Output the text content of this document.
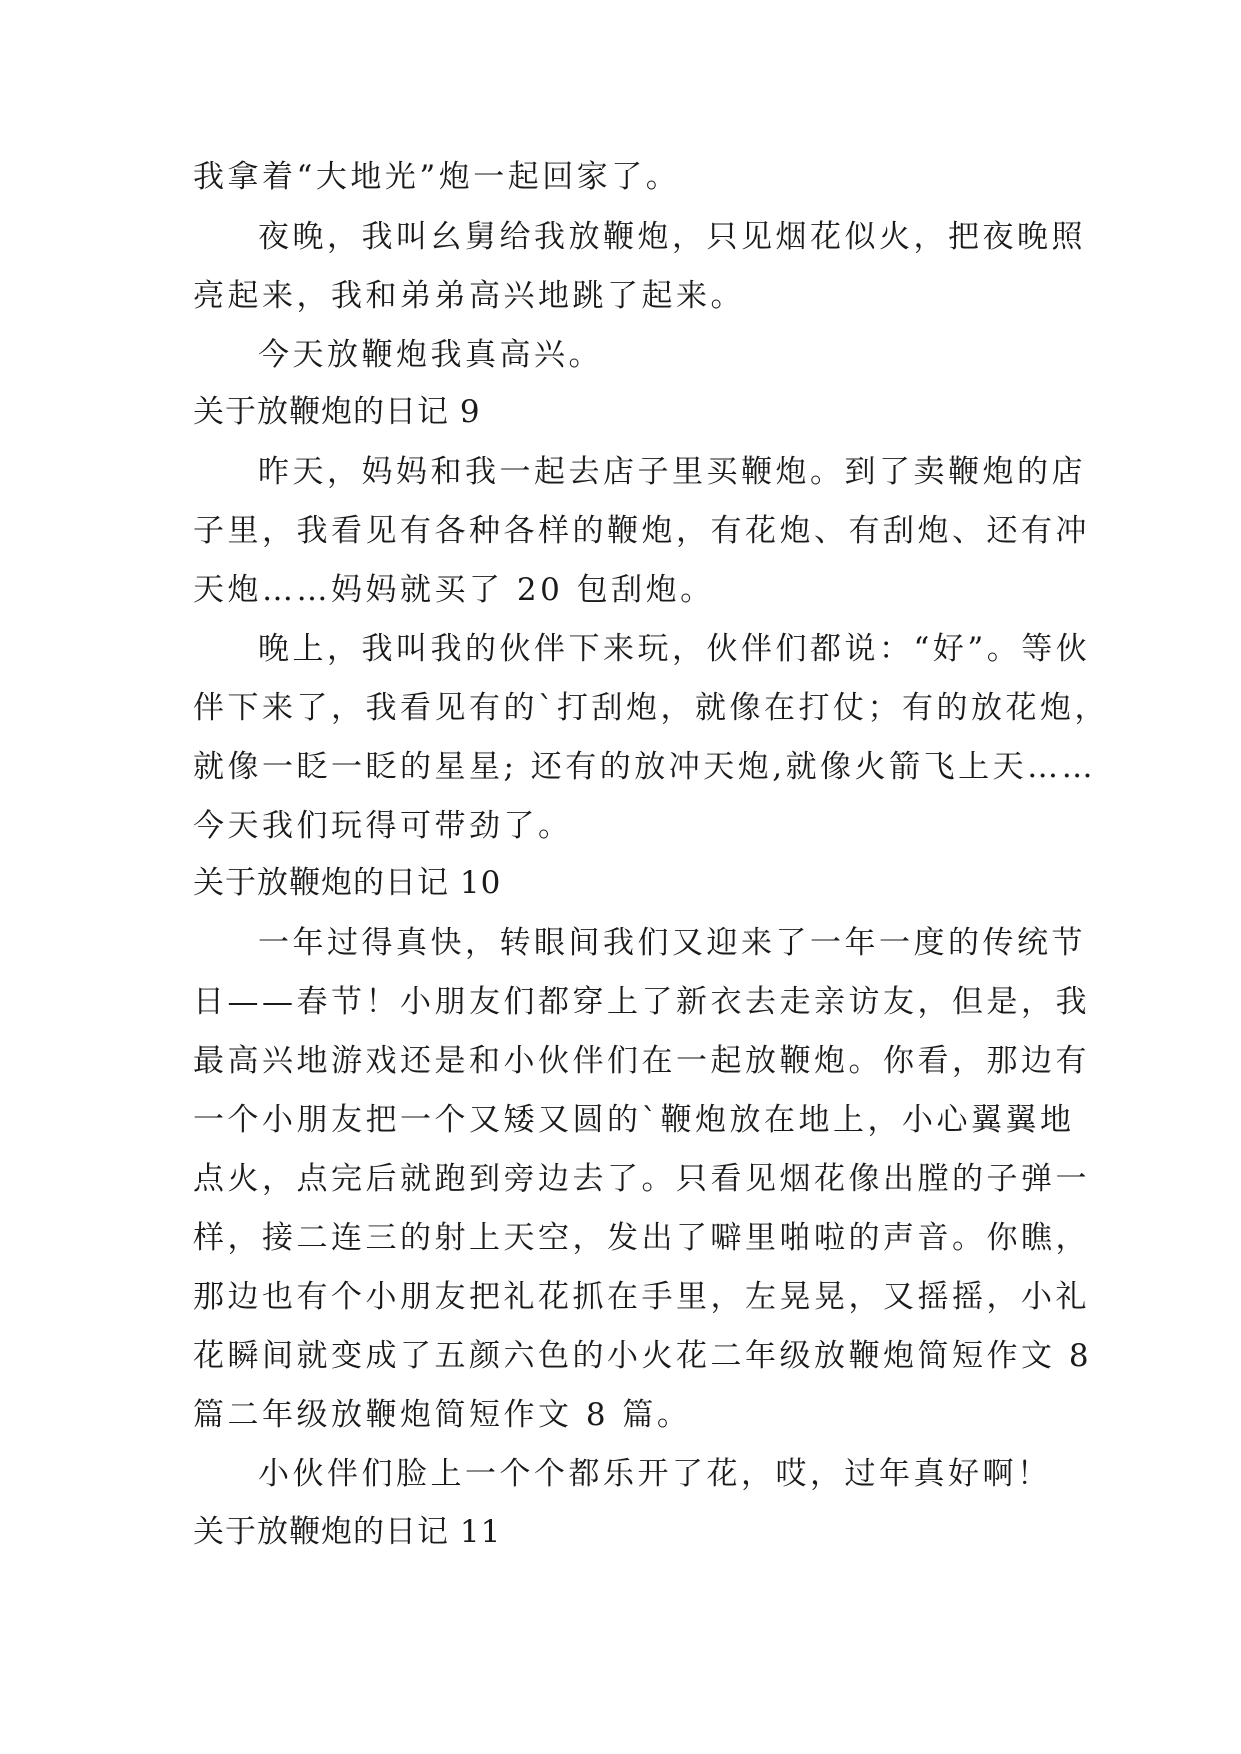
我拿着“大地光”炮一起回家了。
夜晚，我叫幺舅给我放鞭炮，只见烟花似火，把夜晚照
亮起来，我和弟弟高兴地跳了起来。
今天放鞭炮我真高兴。
关于放鞭炮的日记 9
昨天，妈妈和我一起去店子里买鞭炮。到了卖鞭炮的店
子里，我看见有各种各样的鞭炮，有花炮、有刮炮、还有冲
天炮……妈妈就买了 20 包刮炮。
晚上，我叫我的伙伴下来玩，伙伴们都说：“好”。等伙
伴下来了，我看见有的`打刮炮，就像在打仗；有的放花炮，
就像一眨一眨的星星; 还有的放冲天炮,就像火箭飞上天……
今天我们玩得可带劲了。
关于放鞭炮的日记 10
一年过得真快，转眼间我们又迎来了一年一度的传统节
日——春节！小朋友们都穿上了新衣去走亲访友，但是，我
最高兴地游戏还是和小伙伴们在一起放鞭炮。你看，那边有
一个小朋友把一个又矮又圆的`鞭炮放在地上，小心翼翼地
点火，点完后就跑到旁边去了。只看见烟花像出膛的子弹一
样，接二连三的射上天空，发出了噼里啪啦的声音。你瞧，
那边也有个小朋友把礼花抓在手里，左晃晃，又摇摇，小礼
花瞬间就变成了五颜六色的小火花二年级放鞭炮简短作文 8
篇二年级放鞭炮简短作文 8 篇。
小伙伴们脸上一个个都乐开了花，哎，过年真好啊！
关于放鞭炮的日记 11
